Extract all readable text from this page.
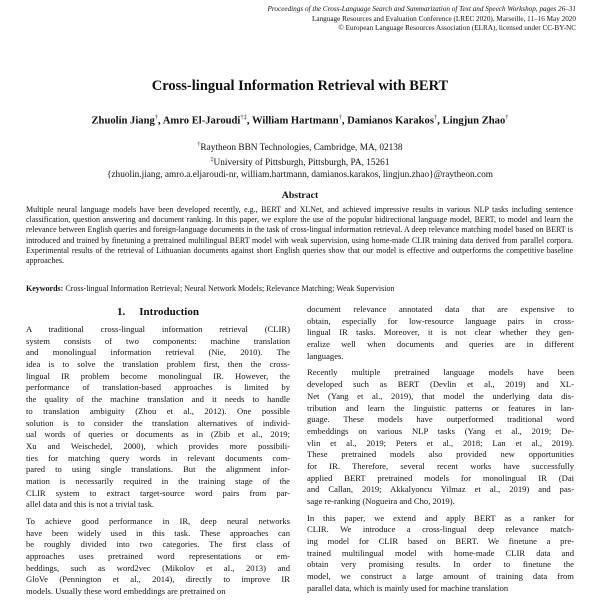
Proceedings of the Cross-Language Search and Summarization of Text and Speech Workshop, pages 26–31
Language Resources and Evaluation Conference (LREC 2020), Marseille, 11–16 May 2020
© European Language Resources Association (ELRA), licensed under CC-BY-NC
Cross-lingual Information Retrieval with BERT
Zhuolin Jiang†, Amro El-Jaroudi†‡, William Hartmann†, Damianos Karakos†, Lingjun Zhao†
†Raytheon BBN Technologies, Cambridge, MA, 02138
‡University of Pittsburgh, Pittsburgh, PA, 15261
{zhuolin.jiang, amro.a.eljaroudi-nr, william.hartmann, damianos.karakos, lingjun.zhao}@raytheon.com
Abstract
Multiple neural language models have been developed recently, e.g., BERT and XLNet, and achieved impressive results in various NLP tasks including sentence classification, question answering and document ranking. In this paper, we explore the use of the popular bidirectional language model, BERT, to model and learn the relevance between English queries and foreign-language documents in the task of cross-lingual information retrieval. A deep relevance matching model based on BERT is introduced and trained by finetuning a pretrained multilingual BERT model with weak supervision, using home-made CLIR training data derived from parallel corpora. Experimental results of the retrieval of Lithuanian documents against short English queries show that our model is effective and outperforms the competitive baseline approaches.
Keywords: Cross-lingual Information Retrieval; Neural Network Models; Relevance Matching; Weak Supervision
1. Introduction
A traditional cross-lingual information retrieval (CLIR)
system consists of two components: machine translation
and monolingual information retrieval (Nie, 2010). The
idea is to solve the translation problem first, then the cross-
lingual IR problem become monolingual IR. However, the
performance of translation-based approaches is limited by
the quality of the machine translation and it needs to handle
to translation ambiguity (Zhou et al., 2012). One possible
solution is to consider the translation alternatives of individ-
ual words of queries or documents as in (Zbib et al., 2019;
Xu and Weischedel, 2000), which provides more possibili-
ties for matching query words in relevant documents com-
pared to using single translations. But the alignment infor-
mation is necessarily required in the training stage of the
CLIR system to extract target-source word pairs from par-
allel data and this is not a trivial task.
To achieve good performance in IR, deep neural networks
have been widely used in this task. These approaches can
be roughly divided into two categories. The first class of
approaches uses pretrained word representations or em-
beddings, such as word2vec (Mikolov et al., 2013) and
GloVe (Pennington et al., 2014), directly to improve IR
models. Usually these word embeddings are pretrained on
document relevance annotated data that are expensive to
obtain, especially for low-resource language pairs in cross-
lingual IR tasks. Moreover, it is not clear whether they gen-
eralize well when documents and queries are in different
languages.
Recently multiple pretrained language models have been
developed such as BERT (Devlin et al., 2019) and XL-
Net (Yang et al., 2019), that model the underlying data dis-
tribution and learn the linguistic patterns or features in lan-
guage. These models have outperformed traditional word
embeddings on various NLP tasks (Yang et al., 2019; De-
vlin et al., 2019; Peters et al., 2018; Lan et al., 2019).
These pretrained models also provided new opportunities
for IR. Therefore, several recent works have successfully
applied BERT pretrained models for monolingual IR (Dai
and Callan, 2019; Akkalyoncu Yilmaz et al., 2019) and pas-
sage re-ranking (Nogueira and Cho, 2019).
In this paper, we extend and apply BERT as a ranker for
CLIR. We introduce a cross-lingual deep relevance match-
ing model for CLIR based on BERT. We finetune a pre-
trained multilingual model with home-made CLIR data and
obtain very promising results. In order to finetune the
model, we construct a large amount of training data from
parallel data, which is mainly used for machine translation
